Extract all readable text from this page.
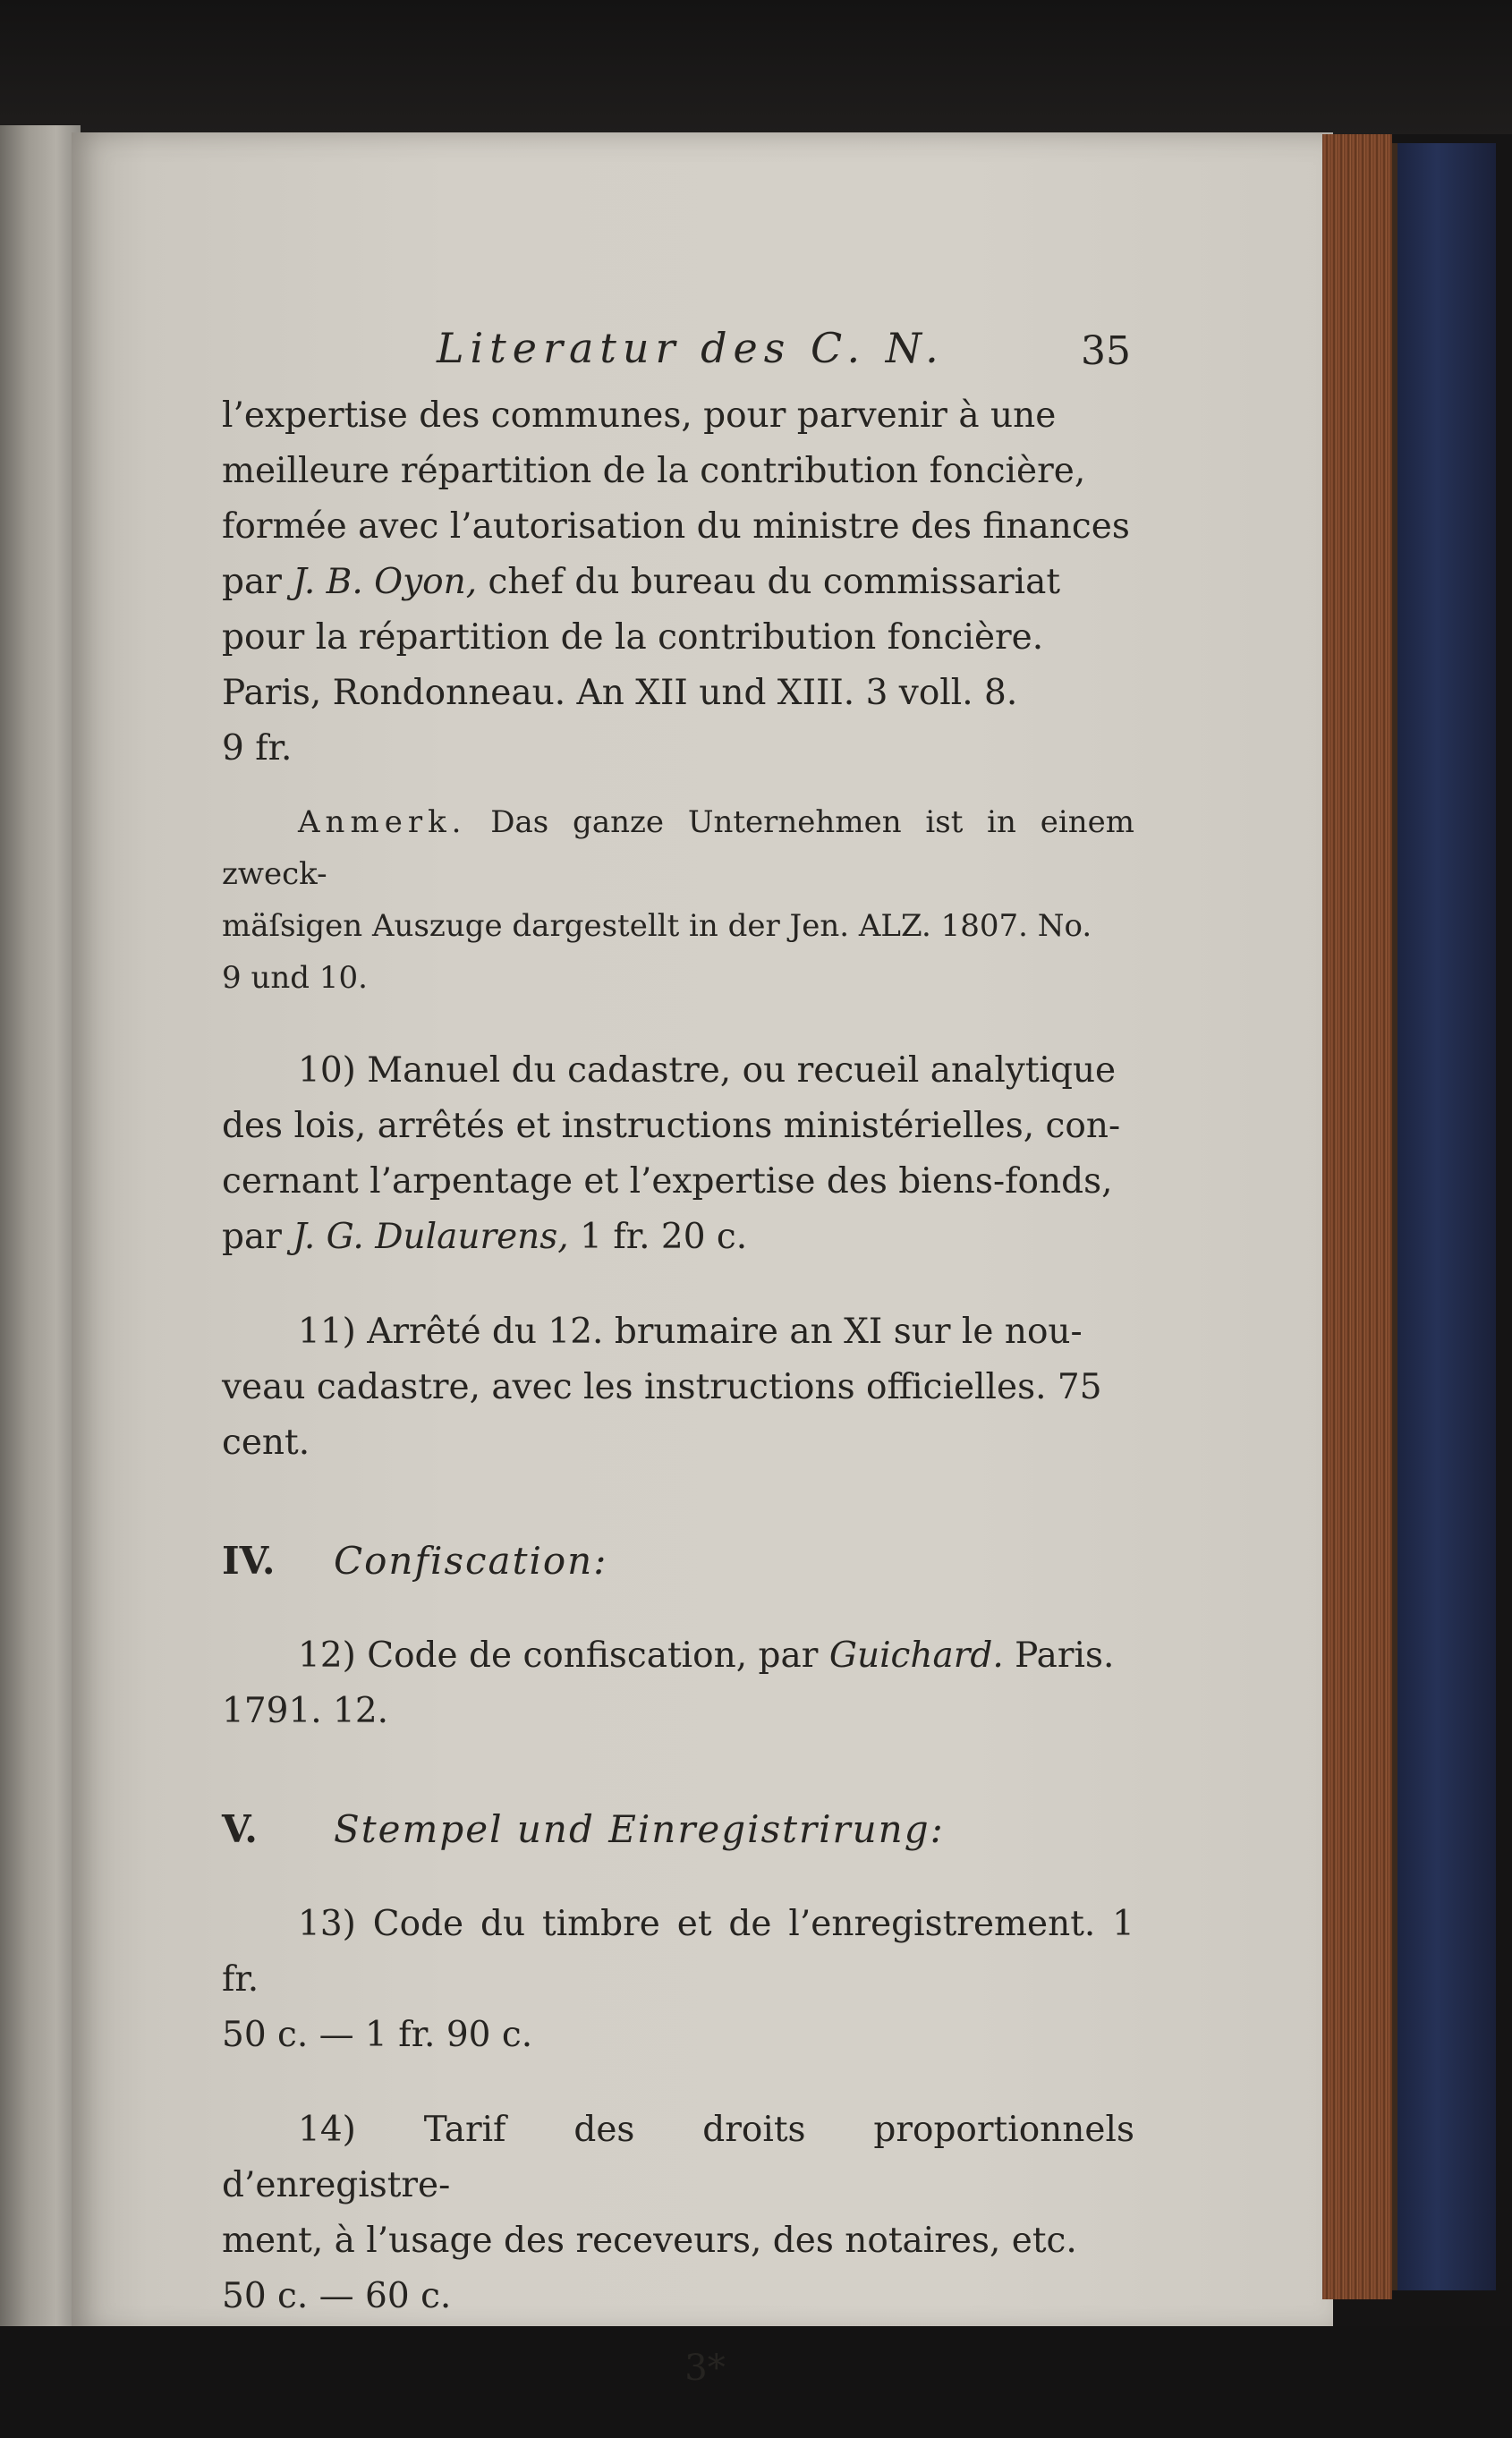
Literatur des C. N.	35

l’expertise des communes, pour parvenir à une

meilleure répartition de la contribution foncière,

formée avec l’autorisation du ministre des finances

par J. B. Oyon, chef du bureau du commissariat

pour la répartition de la contribution foncière.

Paris, Rondonneau. An XII und XIII. 3 voll. 8.

9 fr.

Anmerk. Das ganze Unternehmen ist in einem zweck-

mäſsigen Auszuge dargestellt in der Jen. ALZ. 1807. No.

9 und 10.

10) Manuel du cadastre, ou recueil analytique

des lois, arrêtés et instructions ministérielles, con-

cernant l’arpentage et l’expertise des biens-fonds,

par J. G. Dulaurens, 1 fr. 20 c.

11) Arrêté du 12. brumaire an XI sur le nou-

veau cadastre, avec les instructions officielles. 75

cent.

IV. Confiscation:

12) Code de confiscation, par Guichard. Paris.

1791. 12.

V. Stempel und Einregistrirung:

13) Code du timbre et de l’enregistrement. 1 fr.

50 c. — 1 fr. 90 c.

14) Tarif des droits proportionnels d’enregistre-

ment, à l’usage des receveurs, des notaires, etc.

50 c. — 60 c.

3*
